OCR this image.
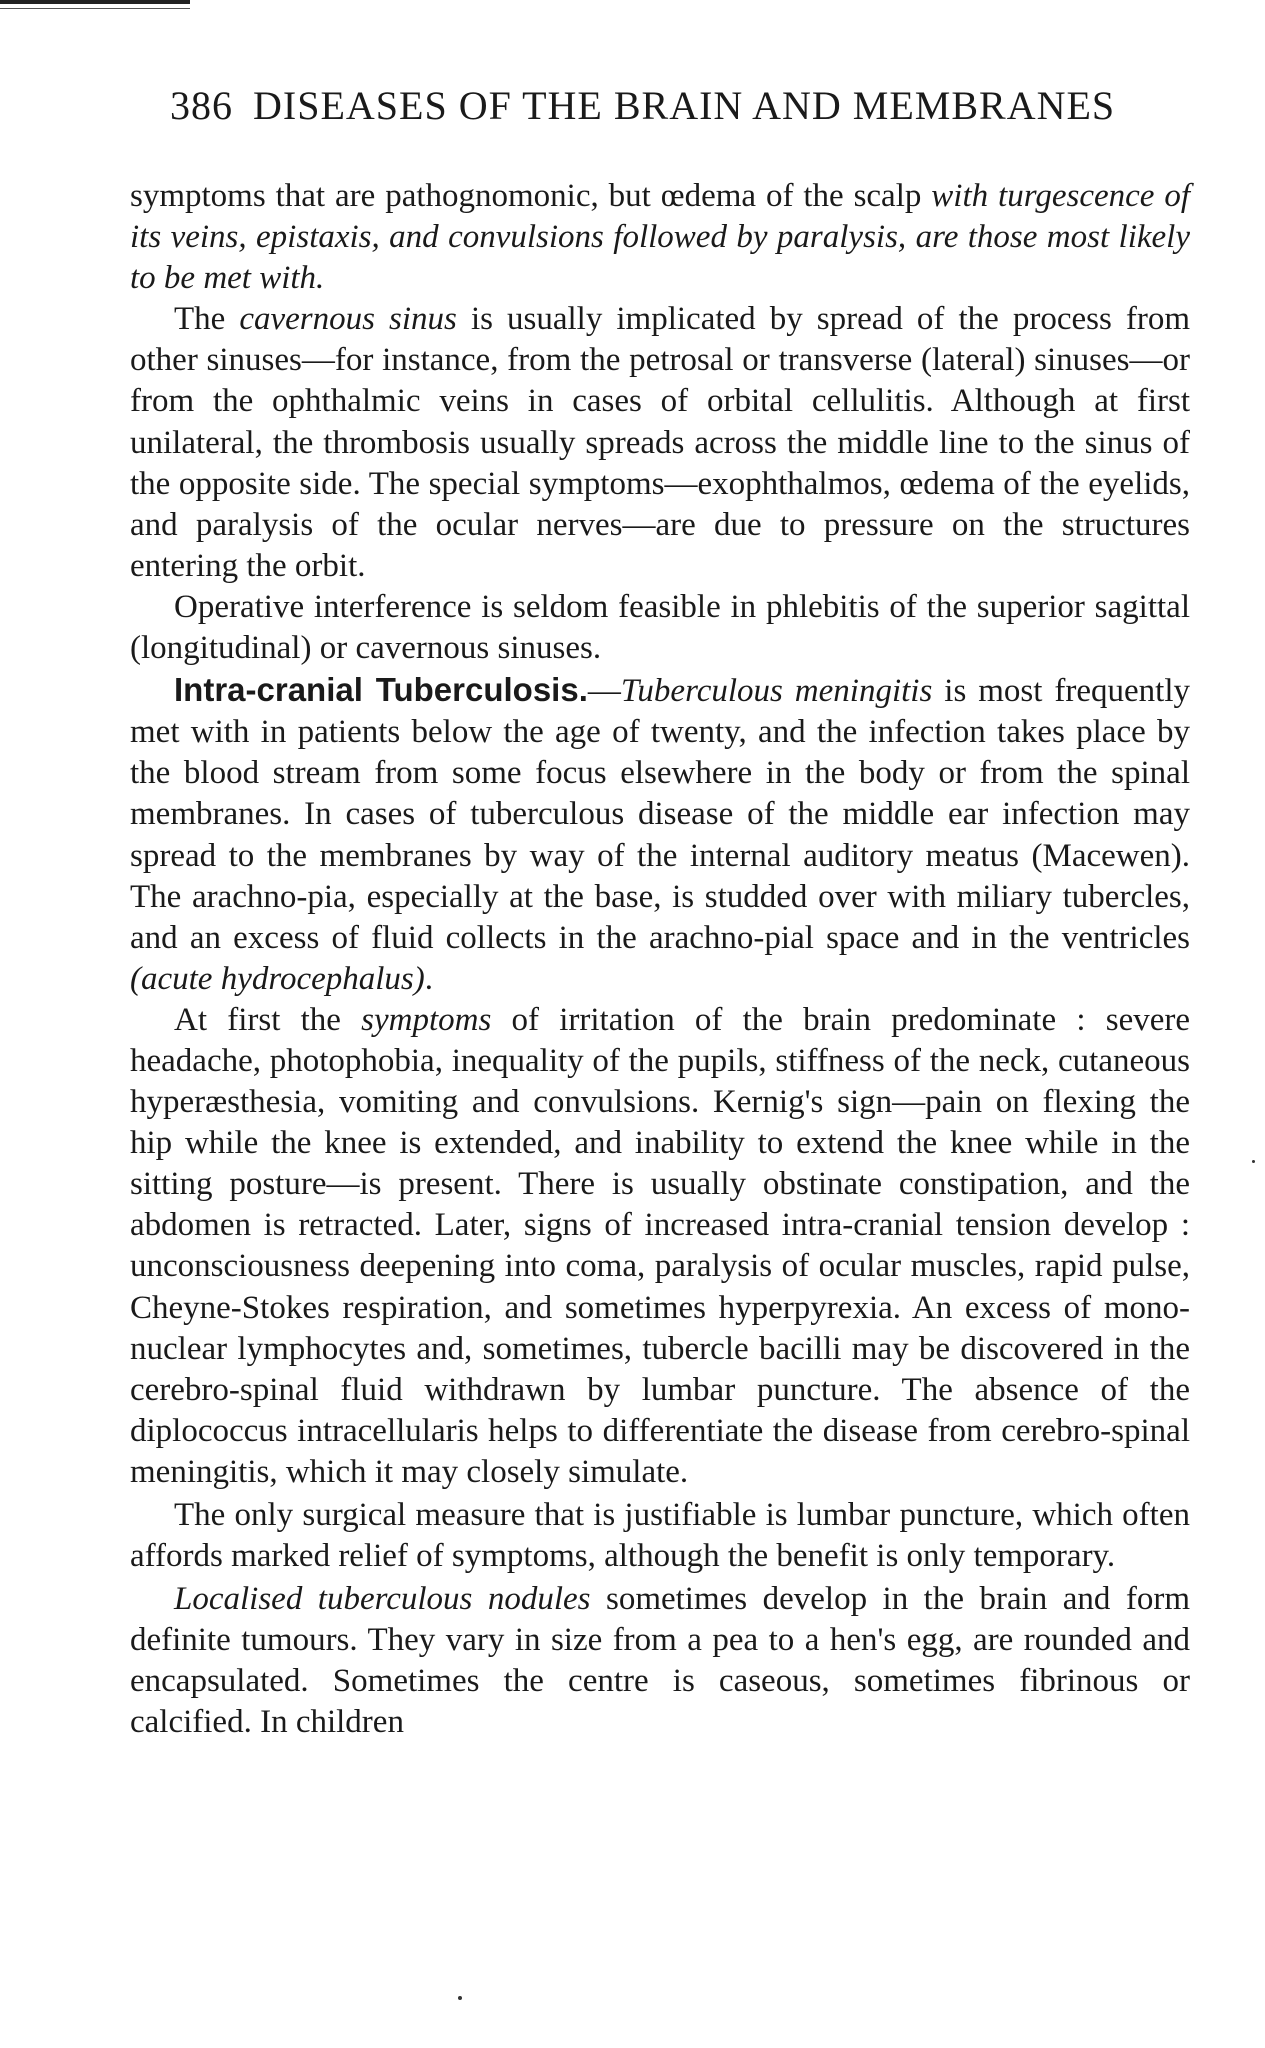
386 DISEASES OF THE BRAIN AND MEMBRANES

symptoms that are pathognomonic, but œdema of the scalp with turgescence of its veins, epistaxis, and convulsions followed by paralysis, are those most likely to be met with.

The cavernous sinus is usually implicated by spread of the process from other sinuses—for instance, from the petrosal or transverse (lateral) sinuses—or from the ophthalmic veins in cases of orbital cellulitis. Although at first unilateral, the thrombosis usually spreads across the middle line to the sinus of the opposite side. The special symptoms—exophthalmos, œdema of the eyelids, and paralysis of the ocular nerves—are due to pressure on the structures entering the orbit.

Operative interference is seldom feasible in phlebitis of the superior sagittal (longitudinal) or cavernous sinuses.

Intra-cranial Tuberculosis.—Tuberculous meningitis is most frequently met with in patients below the age of twenty, and the infection takes place by the blood stream from some focus elsewhere in the body or from the spinal membranes. In cases of tuberculous disease of the middle ear infection may spread to the membranes by way of the internal auditory meatus (Macewen). The arachno-pia, especially at the base, is studded over with miliary tubercles, and an excess of fluid collects in the arachno-pial space and in the ventricles (acute hydrocephalus).

At first the symptoms of irritation of the brain predominate : severe headache, photophobia, inequality of the pupils, stiffness of the neck, cutaneous hyperæsthesia, vomiting and convulsions. Kernig's sign—pain on flexing the hip while the knee is extended, and inability to extend the knee while in the sitting posture—is present. There is usually obstinate constipation, and the abdomen is retracted. Later, signs of increased intra-cranial tension develop : unconsciousness deepening into coma, paralysis of ocular muscles, rapid pulse, Cheyne-Stokes respiration, and sometimes hyperpyrexia. An excess of mono-nuclear lymphocytes and, sometimes, tubercle bacilli may be discovered in the cerebro-spinal fluid withdrawn by lumbar puncture. The absence of the diplococcus intracellularis helps to differentiate the disease from cerebro-spinal meningitis, which it may closely simulate.

The only surgical measure that is justifiable is lumbar puncture, which often affords marked relief of symptoms, although the benefit is only temporary.

Localised tuberculous nodules sometimes develop in the brain and form definite tumours. They vary in size from a pea to a hen's egg, are rounded and encapsulated. Sometimes the centre is caseous, sometimes fibrinous or calcified. In children
